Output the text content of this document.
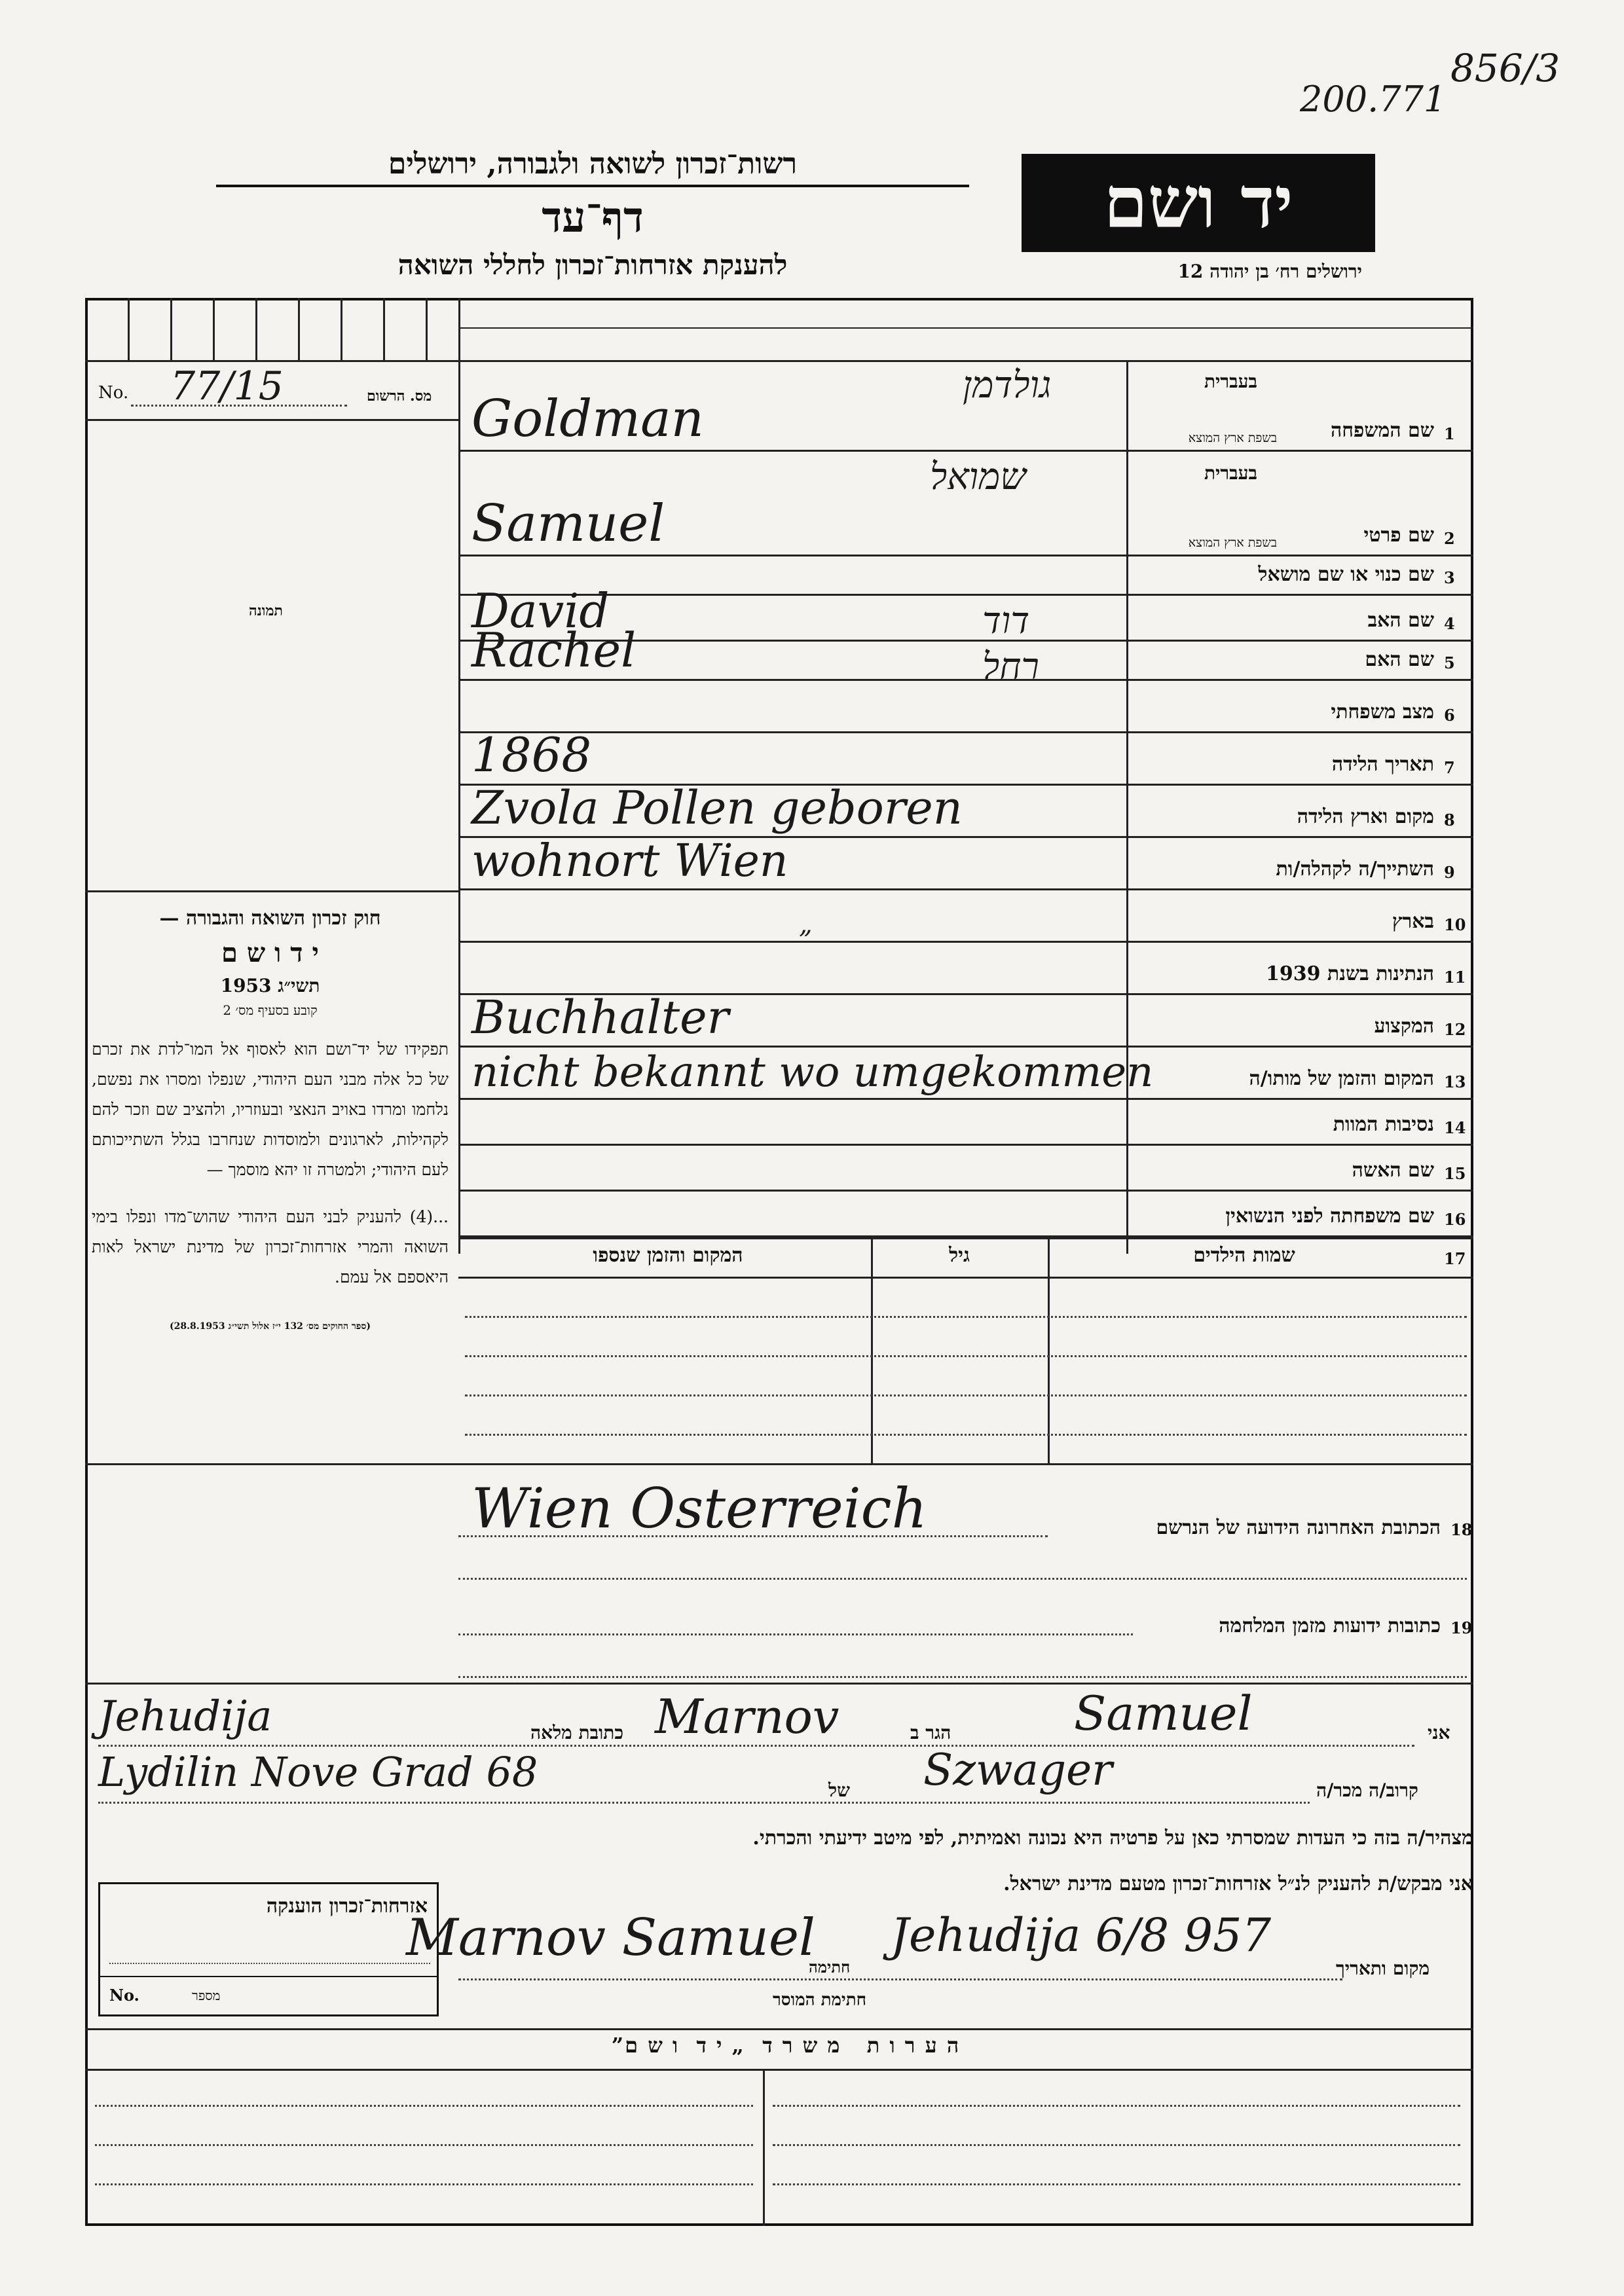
200.771
856/3
רשות־זכרון לשואה ולגבורה, ירושלים
דף־עד
להענקת אזרחות־זכרון לחללי השואה
יד ושם
ירושלים רח׳ בן יהודה 12
No. 77/15	מס. הרשום
תמונה

חוק זכרון השואה והגבורה —

י ד ו ש ם

תשי״ג 1953

קובע בסעיף מס׳ 2

תפקידו של יד־ושם הוא לאסוף אל המו־לדת את זכרם של כל אלה מבני העם היהודי, שנפלו ומסרו את נפשם, נלחמו ומרדו באויב הנאצי ובעוזריו, ולהציב שם וזכר להם לקהילות, לארגונים ולמוסדות שנחרבו בגלל השתייכותם לעם היהודי; ולמטרה זו יהא מוסמך —

...(4) להעניק לבני העם היהודי שהוש־מדו ונפלו בימי השואה והמרי אזרחות־זכרון של מדינת ישראל לאות היאספם אל עמם.

(ספר החוקים מס׳ 132 י״ז אלול תשי״ג 28.8.1953)

1
שם המשפחה
בעברית
בשפת ארץ המוצא
Goldman
גולדמן
2
שם פרטי
בעברית
בשפת ארץ המוצא
Samuel
שמואל
3
שם כנוי או שם מושאל
4
שם האב
David	דוד
5
שם האם
Rachel	רחל
6
מצב משפחתי
7
תאריך הלידה
1868
8
מקום וארץ הלידה
Zvola Pollen geboren
9
השתייך/ה לקהלה/ות
wohnort Wien
10
בארץ
„
11
הנתינות בשנת 1939
12
המקצוע
Buchhalter
13
המקום והזמן של מותו/ה
nicht bekannt wo umgekommen
14
נסיבות המוות
15
שם האשה
16
שם משפחתה לפני הנשואין
17
שמות הילדים
גיל
המקום והזמן שנספו
Wien Osterreich	הכתובת האחרונה הידועה של הנרשם 18
כתובות ידועות מזמן המלחמה 19
Jehudija	כתובת מלאה Marnov	הגר ב	Samuel	אני
Lydilin Nove Grad 68	של Szwager	קרוב/ה מכר/ה
מצהיר/ה בזה כי העדות שמסרתי כאן על פרטיה היא נכונה ואמיתית, לפי מיטב ידיעתי והכרתי.
אני מבקש/ת להעניק לנ״ל אזרחות־זכרון מטעם מדינת ישראל.
אזרחות־זכרון הוענקה
No.	מספר
Marnov Samuel
חתימה
Jehudija 6/8 957
מקום ותאריך
חתימת המוסר
ה ע ר ו ת   מ ש ר ד  „ י ד  ו ש ם”
